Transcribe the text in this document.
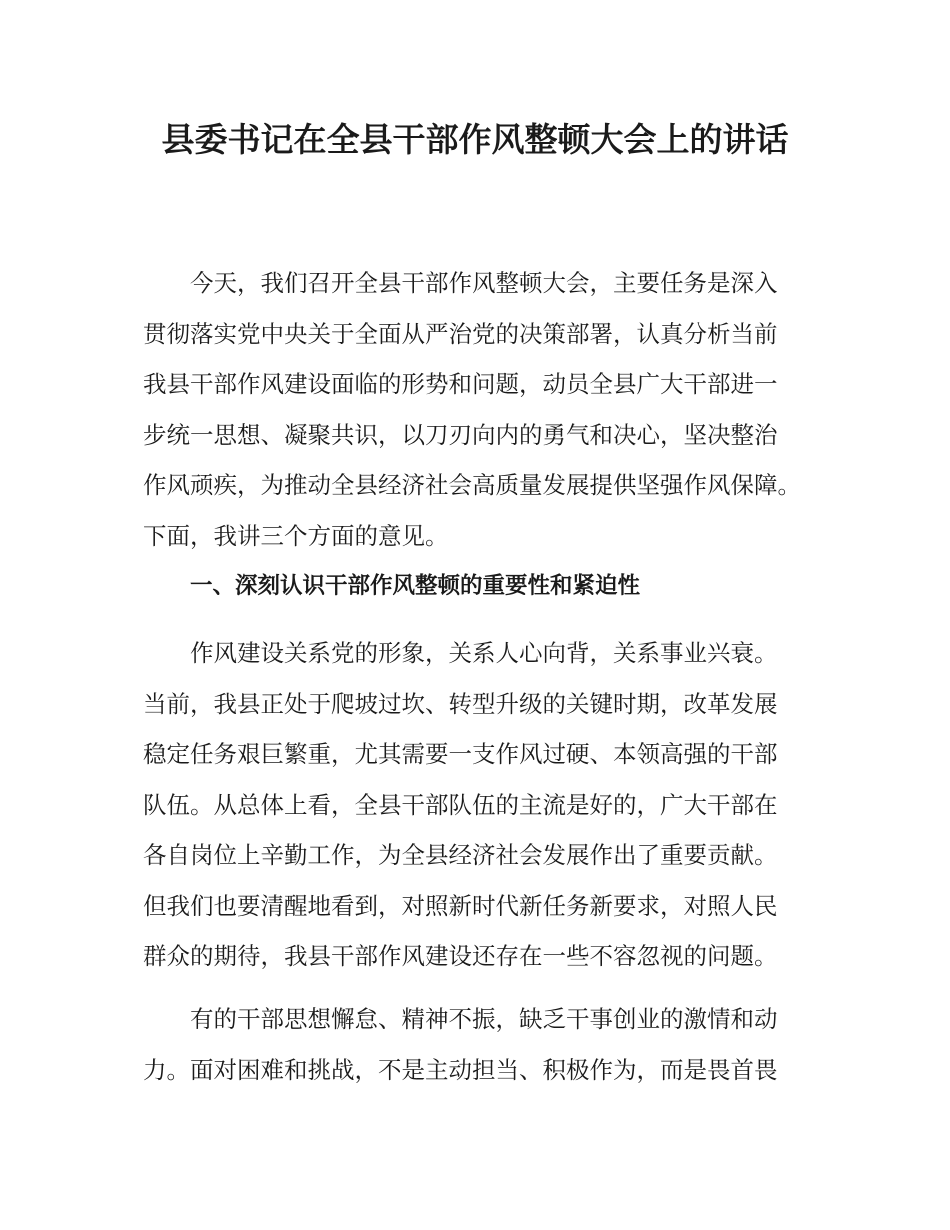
县委书记在全县干部作风整顿大会上的讲话

今天，我们召开全县干部作风整顿大会，主要任务是深入
贯彻落实党中央关于全面从严治党的决策部署，认真分析当前
我县干部作风建设面临的形势和问题，动员全县广大干部进一
步统一思想、凝聚共识，以刀刃向内的勇气和决心，坚决整治
作风顽疾，为推动全县经济社会高质量发展提供坚强作风保障。
下面，我讲三个方面的意见。

一、深刻认识干部作风整顿的重要性和紧迫性

作风建设关系党的形象，关系人心向背，关系事业兴衰。
当前，我县正处于爬坡过坎、转型升级的关键时期，改革发展
稳定任务艰巨繁重，尤其需要一支作风过硬、本领高强的干部
队伍。从总体上看，全县干部队伍的主流是好的，广大干部在
各自岗位上辛勤工作，为全县经济社会发展作出了重要贡献。
但我们也要清醒地看到，对照新时代新任务新要求，对照人民
群众的期待，我县干部作风建设还存在一些不容忽视的问题。

有的干部思想懈怠、精神不振，缺乏干事创业的激情和动
力。面对困难和挑战，不是主动担当、积极作为，而是畏首畏
